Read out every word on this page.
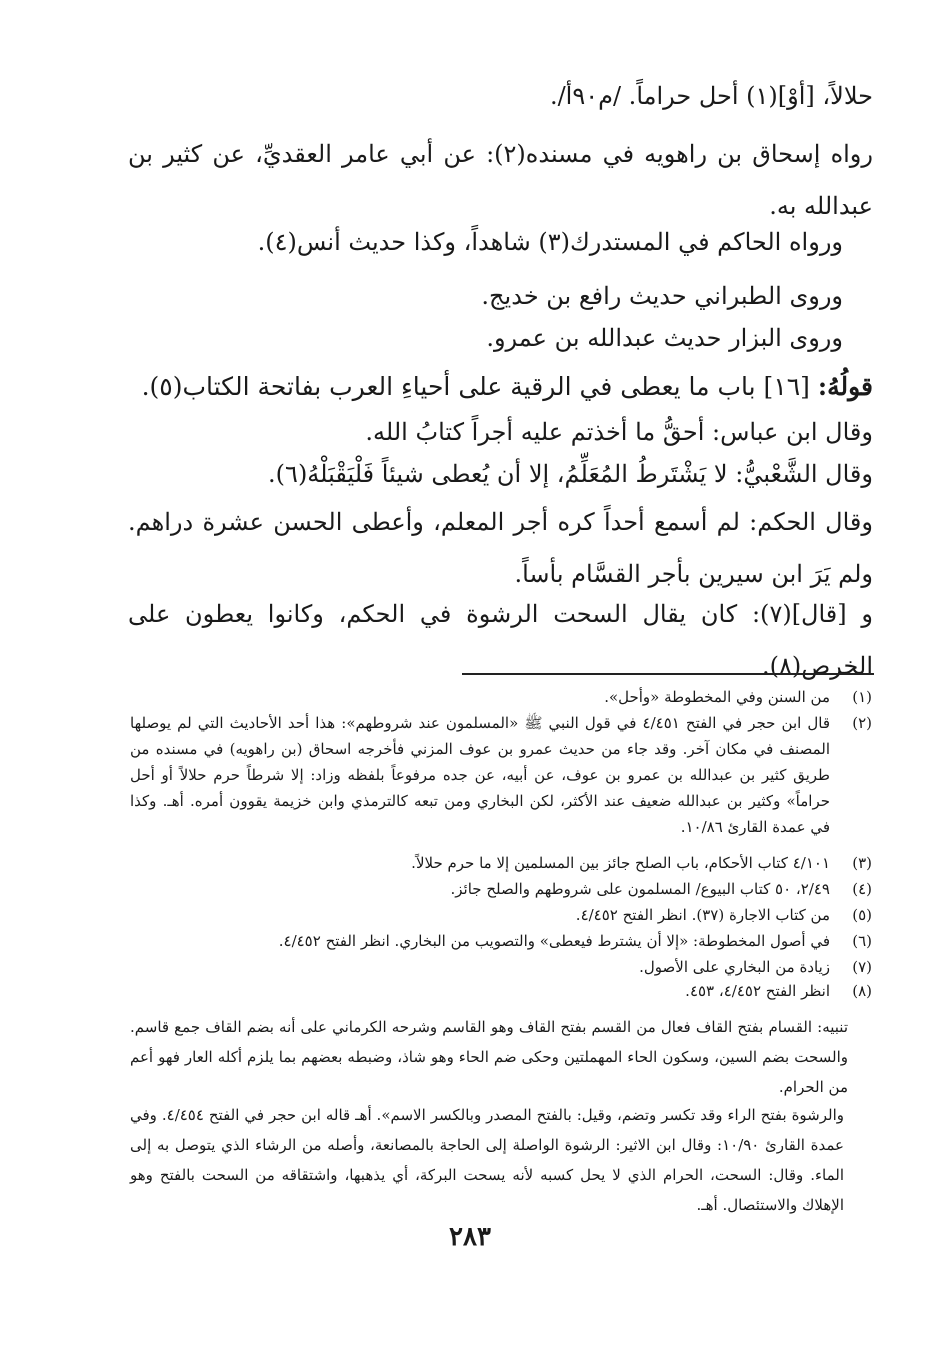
حلالاً، [أوْ](١) أحل حراماً. /م٩٠أ/.

رواه إسحاق بن راهويه في مسنده(٢): عن أبي عامر العقديِّ، عن كثير بن عبدالله به.

ورواه الحاكم في المستدرك(٣) شاهداً، وكذا حديث أنس(٤).
وروى الطبراني حديث رافع بن خديج.
وروى البزار حديث عبدالله بن عمرو.
قولُهُ: [١٦] باب ما يعطى في الرقية على أحياءِ العرب بفاتحة الكتاب(٥).
وقال ابن عباس: أحقُّ ما أخذتم عليه أجراً كتابُ الله.
وقال الشَّعْبيُّ: لا يَشْتَرطُ المُعَلِّمُ، إلا أن يُعطى شيئاً فَلْيَقْبَلْهُ(٦).

وقال الحكم: لم أسمع أحداً كره أجر المعلم، وأعطى الحسن عشرة دراهم. ولم يَرَ ابن سيرين بأجر القسَّام بأساً.

و [قال](٧): كان يقال السحت الرشوة في الحكم، وكانوا يعطون على الخرص(٨).

(١)
من السنن وفي المخطوطة «وأحل».
(٢)
قال ابن حجر في الفتح ٤/٤٥١ في قول النبي ﷺ «المسلمون عند شروطهم»: هذا أحد الأحاديث التي لم يوصلها المصنف في مكان آخر. وقد جاء من حديث عمرو بن عوف المزني فأخرجه اسحاق (بن راهويه) في مسنده من طريق كثير بن عبدالله بن عمرو بن عوف، عن أبيه، عن جده مرفوعاً بلفظه وزاد: إلا شرطاً حرم حلالاً أو أحل حراماً» وكثير بن عبدالله ضعيف عند الأكثر، لكن البخاري ومن تبعه كالترمذي وابن خزيمة يقوون أمره. أهـ. وكذا في عمدة القارئ ١٠/٨٦.
(٣)
٤/١٠١ كتاب الأحكام، باب الصلح جائز بين المسلمين إلا ما حرم حلالاً.
(٤)
٢/٤٩، ٥٠ كتاب البيوع/ المسلمون على شروطهم والصلح جائز.
(٥)
من كتاب الاجارة (٣٧). انظر الفتح ٤/٤٥٢.
(٦)
في أصول المخطوطة: «إلا أن يشترط فيعطى» والتصويب من البخاري. انظر الفتح ٤/٤٥٢.
(٧)
زيادة من البخاري على الأصول.
(٨)
انظر الفتح ٤/٤٥٢، ٤٥٣.
تنبيه: القسام بفتح القاف فعال من القسم بفتح القاف وهو القاسم وشرحه الكرماني على أنه بضم القاف جمع قاسم. والسحت بضم السين، وسكون الحاء المهملتين وحكى ضم الحاء وهو شاذ، وضبطه بعضهم بما يلزم أكله العار فهو أعم من الحرام.
والرشوة بفتح الراء وقد تكسر وتضم، وقيل: بالفتح المصدر وبالكسر الاسم». أهـ قاله ابن حجر في الفتح ٤/٤٥٤. وفي عمدة القارئ ١٠/٩٠: وقال ابن الاثير: الرشوة الواصلة إلى الحاجة بالمصانعة، وأصله من الرشاء الذي يتوصل به إلى الماء. وقال: السحت، الحرام الذي لا يحل كسبه لأنه يسحت البركة، أي يذهبها، واشتقاقه من السحت بالفتح وهو الإهلاك والاستئصال. أهـ.
٢٨٣
